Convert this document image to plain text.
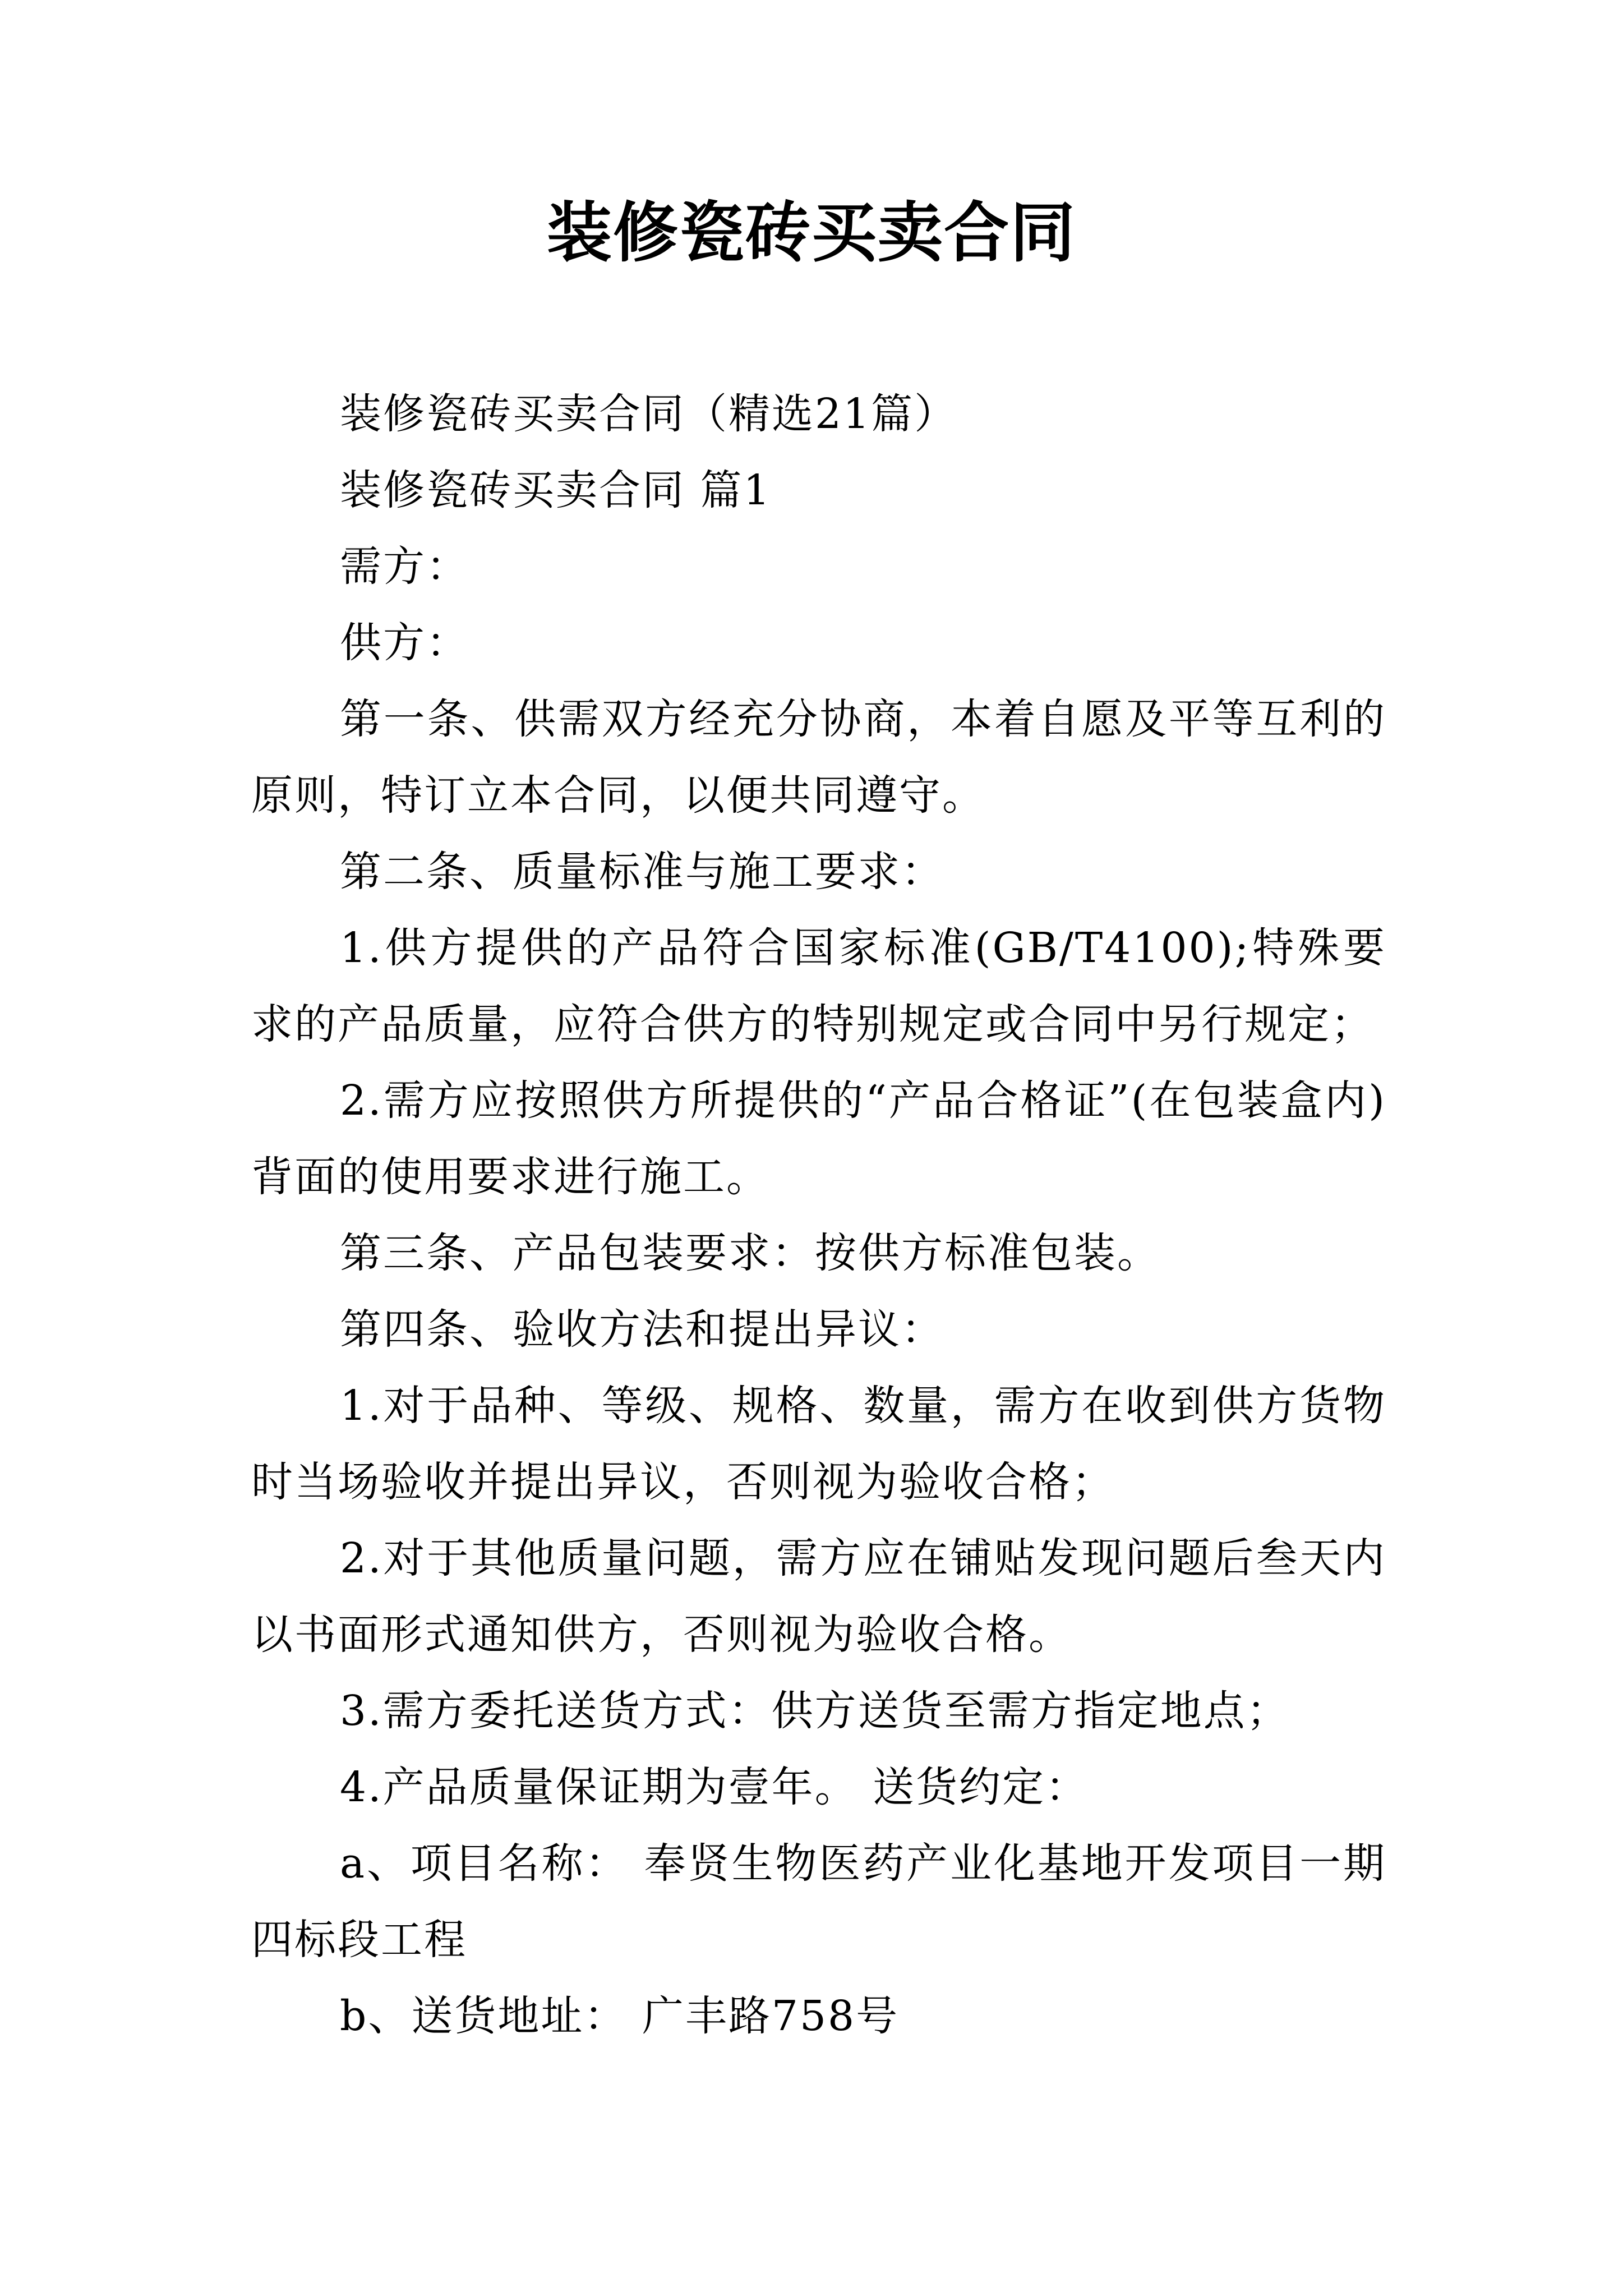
装修瓷砖买卖合同

装修瓷砖买卖合同（精选21篇）

装修瓷砖买卖合同 篇1

需方：

供方：

第一条、供需双方经充分协商，本着自愿及平等互利的原则，特订立本合同，以便共同遵守。

第二条、质量标准与施工要求：

1.供方提供的产品符合国家标准(GB/T4100);特殊要求的产品质量，应符合供方的特别规定或合同中另行规定；

2.需方应按照供方所提供的“产品合格证”(在包装盒内)背面的使用要求进行施工。

第三条、产品包装要求：按供方标准包装。

第四条、验收方法和提出异议：

1.对于品种、等级、规格、数量，需方在收到供方货物时当场验收并提出异议，否则视为验收合格；

2.对于其他质量问题，需方应在铺贴发现问题后叁天内以书面形式通知供方，否则视为验收合格。

3.需方委托送货方式：供方送货至需方指定地点；

4.产品质量保证期为壹年。 送货约定：

a、项目名称： 奉贤生物医药产业化基地开发项目一期四标段工程

b、送货地址： 广丰路758号
